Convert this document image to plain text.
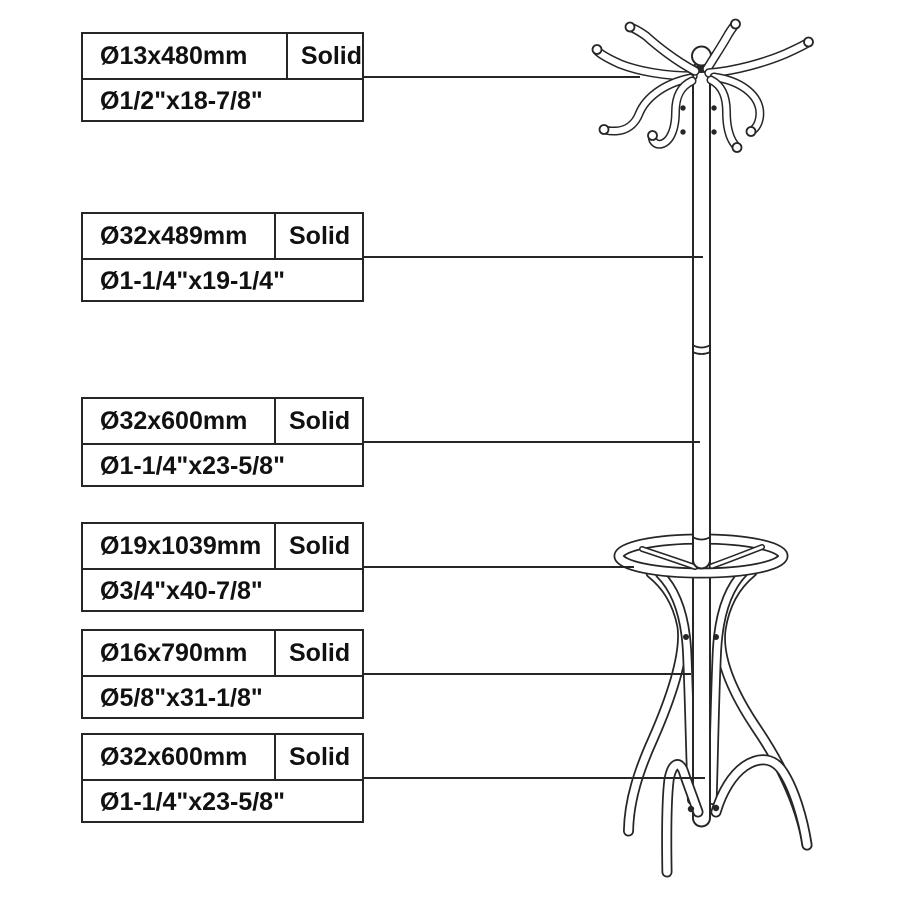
Ø13x480mm	Solid
Ø1/2"x18-7/8"
Ø32x489mm	Solid
Ø1-1/4"x19-1/4"
Ø32x600mm	Solid
Ø1-1/4"x23-5/8"
Ø19x1039mm	Solid
Ø3/4"x40-7/8"
Ø16x790mm	Solid
Ø5/8"x31-1/8"
Ø32x600mm	Solid
Ø1-1/4"x23-5/8"
